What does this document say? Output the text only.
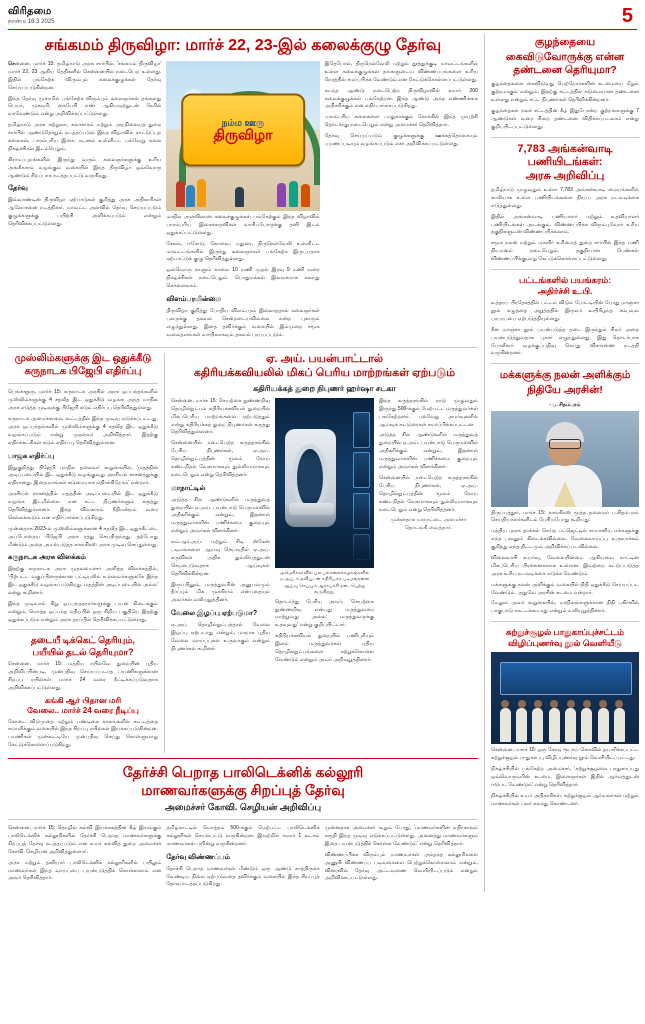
விரிதமை
நான்டு 16.3 2025	5
சங்கமம் திருவிழா: மார்ச் 22, 23-இல் கலைக்குழு தேர்வு

சென்னை, மார்ச் 15: தமிழ்நாடு அரசு சார்பில், 'சங்கமம் திருவிழா' மார்ச் 22, 23 ஆகிய தேதிகளில் சென்னையில் நடைபெற உள்ளது. இதில் பங்கேற்க விரும்பும் கலைக்குழுக்கள் தேர்வு செய்யப்படுகின்றன.

இந்த தேர்வு முகாமில் பங்கேற்க விரும்பும் கலைஞர்கள் தங்களது பெயர், முகவரி, கைபேசி எண் ஆகியவற்றுடன் நேரில் வரவேண்டும் என்று அறிவிக்கப்பட்டுள்ளது.

தமிழ்நாடு அரசு சுற்றுலா, கலாசாரம் மற்றும் அறநிலையத் துறை சார்பில் ஆண்டுதோறும் நடத்தப்படும் இந்த விழாவில் நாட்டுப்புற கலைகள், பாரம்பரிய இசை, நடனம் உள்ளிட்ட பல்வேறு கலை நிகழ்ச்சிகள் இடம்பெறும்.

கிராமப்புறங்களில் இருந்து வரும் கலைஞர்களுக்கு உரிய அங்கீகாரம் வழங்கும் வகையில் இந்த திருவிழா ஒவ்வொரு ஆண்டும் சிறப்பாக நடத்தப்பட்டு வருகிறது.

தேர்வு

இவ்வாண்டின் திருவிழா ஏற்பாடுகள் குறித்து அரசு அதிகாரிகள் ஆலோசனை நடத்தினர். மாவட்ட அளவில் தேர்வு செய்யப்படும் குழுக்களுக்கு பயிற்சி அளிக்கப்படும் என்றும் தெரிவிக்கப்பட்டுள்ளது.

நம்ம ஊரு
திருவிழா

மாநில அளவிலான கலைக்குழுக்கள் பங்கேற்கும் இந்த விழாவில் பாரம்பரிய இசைக்கருவிகள் வாசிப்போருக்கு தனி இடம் ஒதுக்கப்பட்டுள்ளது.

சேலம், ஈரோடு, கோவை, மதுரை, திருநெல்வேலி உள்ளிட்ட மாவட்டங்களில் இருந்து கலைஞர்கள் பங்கேற்க இருப்பதாக ஏற்பாட்டுக் குழு தெரிவித்துள்ளது.

ஒவ்வொரு நாளும் காலை 10 மணி முதல் இரவு 9 மணி வரை நிகழ்ச்சிகள் நடைபெறும். பொதுமக்கள் இலவசமாக கலந்து கொள்ளலாம்.

விளம்பரமின்மை

திருவிழா குறித்து போதிய விளம்பரம் இல்லாததால் கலைஞர்கள் பலருக்கு தகவல் சென்றடையவில்லை என்ற புகாரும் எழுந்துள்ளது. இதை தவிர்க்கும் வகையில் இம்முறை சமூக வலைதளங்கள் வாயிலாகவும் தகவல் பரப்பப்படும்.

இதேபோல், திருநெல்வேலி மற்றும் தூத்துக்குடி மாவட்டங்களில் உள்ள கலைக்குழுக்கள் தங்களுடைய விண்ணப்பங்களை உரிய நேரத்தில் சமர்ப்பிக்க வேண்டும் என கேட்டுக்கொள்ளப்பட்டுள்ளது.

கடந்த ஆண்டு நடைபெற்ற திருவிழாவில் சுமார் 200 கலைக்குழுக்கள் பங்கேற்றன. இந்த ஆண்டு அந்த எண்ணிக்கை அதிகரிக்கும் என எதிர்பார்க்கப்படுகிறது.

பாரம்பரிய கலைகளை பாதுகாக்கும் நோக்கில் இந்த முயற்சி தொடர்ந்து நடைபெறும் என்று அமைச்சர் தெரிவித்தார்.

தேர்வு செய்யப்படும் குழுக்களுக்கு ஊக்கத்தொகையும் பயணப்படியும் வழங்கப்படும் என அறிவிக்கப்பட்டுள்ளது.

முஸ்லிம்களுக்கு இட ஒதுக்கீடு கருநாடக பிஜேபி எதிர்ப்பு

பெங்களூரு, மார்ச் 15: கருநாடக அரசில் அரசு ஒப்பந்தங்களில் முஸ்லிம்களுக்கு 4 சதவீத இட ஒதுக்கீடு வழங்க அந்த மாநில அரசு எடுத்த முடிவுக்கு பிஜேபி கடும் எதிர்ப்பு தெரிவித்துள்ளது.

கருநாடக அமைச்சரவை கூட்டத்தில் இந்த முடிவு எடுக்கப்பட்டது. அரசு ஒப்பந்தங்களில் முஸ்லிம்களுக்கு 4 சதவீத இட ஒதுக்கீடு வழங்கப்படும் என்று முதல்வர் அறிவித்தார். இதற்கு எதிர்க்கட்சிகள் கடும் எதிர்ப்பு தெரிவித்துள்ளன.

பாஜக எதிர்ப்பு

இதுகுறித்து பிஜேபி மாநில தலைவர் கூறுகையில், 'மதத்தின் அடிப்படையில் இட ஒதுக்கீடு வழங்குவது அரசியல் சாசனத்துக்கு எதிரானது. இதை நாங்கள் கடுமையாக எதிர்க்கிறோம்' என்றார்.

அரசியல் சாசனத்தில் மதத்தின் அடிப்படையில் இட ஒதுக்கீடு வழங்க இடமில்லை என சட்ட நிபுணர்களும் கருத்து தெரிவித்துள்ளனர். இந்த விவகாரம் நீதிமன்றம் வரை செல்லக்கூடும் என எதிர்பார்க்கப்படுகிறது.

முன்னதாக 2023-ல் முஸ்லிம்களுக்கான 4 சதவீத இட ஒதுக்கீட்டை அப்போதைய பிஜேபி அரசு ரத்து செய்திருந்தது. தற்போது மீண்டும் அதை அமல்படுத்த காங்கிரஸ் அரசு முடிவு செய்துள்ளது.

கருநாடக அரசு விளக்கம்

இதற்கு கருநாடக அரசு முதலமைச்சர் அளித்த விளக்கத்தில், 'பிற்பட்ட வகுப்பினருக்கான பட்டியலில் உள்ளவர்களுக்கே இந்த இட ஒதுக்கீடு வழங்கப்படுகிறது. மதத்தின் அடிப்படையில் அல்ல' என்று கூறினார்.

இந்த முடிவால் சிறு ஒப்பந்ததாரர்களுக்கு பயன் கிடைக்கும் என்றும், மொத்த ஒப்பந்த மதிப்பில் ஒரு சிறிய பகுதியே இதற்கு ஒதுக்கப்படும் என்றும் அரசு தரப்பில் தெரிவிக்கப்பட்டுள்ளது.

தடையீ டிக்கெட் தெரியும்,
பயீயில் தடல் தெரியுமா?

சென்னை, மார்ச் 15: மத்திய ரயில்வே துறையின் புதிய அறிவிப்பின்படி, முன்பதிவு செய்யப்படாத பயணிகளுக்கான சிறப்பு ரயில்கள் மார்ச் 24 வரை நீட்டிக்கப்படுவதாக அறிவிக்கப்பட்டுள்ளது.

கங்கி ஆர் பிதான மரி
வேலை.. மார்ச் 24 வரை நீடிப்பு

கோடை விடுமுறை மற்றும் பண்டிகை காலங்களில் கூட்டத்தை சமாளிக்கும் வகையில் இந்த சிறப்பு ரயில்கள் இயக்கப்படுகின்றன. பயணிகள் முன்கூட்டியே முன்பதிவு செய்து கொள்ளுமாறு கேட்டுக்கொள்ளப்படுகிறது.

ஏ. அய். பயன்பாட்டால்
கதிரியக்கவியலில் மிகப் பெரிய மாற்றங்கள் ஏற்படும்
கதிரியக்கத் துறை நிபுணர் ஹர்ஷா சடகா

சென்னை, மார்ச் 15: செயற்கை நுண்ணறிவு தொழில்நுட்பம் கதிரியக்கவியல் துறையில் மிகப்பெரிய மாற்றங்களை ஏற்படுத்தும் என்று கதிரியக்கத் துறை நிபுணர்கள் கருத்து தெரிவித்துள்ளனர்.

சென்னையில் நடைபெற்ற கருத்தரங்கில் பேசிய நிபுணர்கள், ஏ.அய். தொழில்நுட்பத்தின் மூலம் நோய் கண்டறிதல் வேகமாகவும் துல்லியமாகவும் நடைபெறும் என்று தெரிவித்தனர்.

மாநாட்டில்

அடுத்த சில ஆண்டுகளில் மருத்துவத் துறையில் ஏ.அய். பயன்பாடு பெருமளவில் அதிகரிக்கும் என்றும், இதனால் மருத்துவர்களின் பணிச்சுமை குறையும் என்றும் அவர்கள் விளக்கினர்.

எம்.ஆர்.அய். மற்றும் சிடி ஸ்கேன் படிமங்களை ஆய்வு செய்வதில் ஏ.அய். கருவிகள் அதிக துல்லியத்துடன் செயல்படுவதாக ஆய்வுகள் தெரிவிக்கின்றன.

இருப்பினும், மருத்துவரின் அனுபவமும் தீர்ப்பும் மிக முக்கியம் என்பதையும் அவர்கள் வலியுறுத்தினர்.

வேலை இழப்பு ஏற்படுமா?

ஏ.அய். தொழில்நுட்பத்தால் வேலை இழப்பு ஏற்படாது என்றும், மாறாக புதிய வேலை வாய்ப்புகள் உருவாகும் என்றும் நிபுணர்கள் கூறினர்.

அமெரிக்காவில் பல பல்கலைக்கழகங்களில் ஏ.அய். உதவியுடன் கதிரியக்க படிமங்களை ஆய்வு செய்யும் ஆராய்ச்சி நடைபெற்று வருகிறது.

தொடர்ந்து பேசிய அவர், 'செயற்கை நுண்ணறிவு என்பது மருத்துவரை மாற்றுவது அல்ல; மருத்துவருக்கு உதவுவது' என்று குறிப்பிட்டார்.

கதிரியக்கவியல் துறையில் பணிபுரியும் இளம் மருத்துவர்கள் புதிய தொழில்நுட்பங்களை கற்றுக்கொள்ள வேண்டும் என்றும் அவர் அறிவுறுத்தினார்.

இந்த கருத்தரங்கில் நாடு முழுவதும் இருந்து 500-க்கும் மேற்பட்ட மருத்துவர்கள் பங்கேற்றனர். பல்வேறு அமர்வுகளில் ஆய்வுக் கட்டுரைகள் சமர்ப்பிக்கப்பட்டன.

அடுத்த சில ஆண்டுகளில் மருத்துவத் துறையில் ஏ.அய். பயன்பாடு பெருமளவில் அதிகரிக்கும் என்றும், இதனால் மருத்துவர்களின் பணிச்சுமை குறையும் என்றும் அவர்கள் விளக்கினர்.

சென்னையில் நடைபெற்ற கருத்தரங்கில் பேசிய நிபுணர்கள், ஏ.அய். தொழில்நுட்பத்தின் மூலம் நோய் கண்டறிதல் வேகமாகவும் துல்லியமாகவும் நடைபெறும் என்று தெரிவித்தனர்.

முன்னதாக மாநாட்டை அமைச்சர் தொடங்கி வைத்தார்.
தேர்ச்சி பெறாத பாலிடெக்னிக் கல்லூரி
மாணவர்களுக்கு சிறப்புத் தேர்வு
அமைச்சர் கோவி. செழியன் அறிவிப்பு

சென்னை, மார்ச் 15: தொழில் கல்வி இயக்ககத்தின் கீழ் இயங்கும் பாலிடெக்னிக் கல்லூரிகளில் தேர்ச்சி பெறாத மாணவர்களுக்கு சிறப்புத் தேர்வு நடத்தப்படும் என உயர் கல்வித் துறை அமைச்சர் கோவி. செழியன் அறிவித்துள்ளார்.

அரசு மற்றும் தனியார் பாலிடெக்னிக் கல்லூரிகளில் பயிலும் மாணவர்கள் இந்த வாய்ப்பை பயன்படுத்திக் கொள்ளலாம் என அவர் தெரிவித்தார்.

தமிழ்நாட்டில் மொத்தம் 500-க்கும் மேற்பட்ட பாலிடெக்னிக் கல்லூரிகள் செயல்பட்டு வருகின்றன. இவற்றில் சுமார் 1 லட்சம் மாணவர்கள் பயின்று வருகின்றனர்.

தேர்வு விண்ணப்பம்

தேர்ச்சி பெறாத மாணவர்கள் மீண்டும் ஒரு ஆண்டு காத்திருக்க வேண்டிய நிலை ஏற்படுவதை தவிர்க்கும் வகையில் இந்த சிறப்புத் தேர்வு நடத்தப்படுகிறது.

முன்னதாக அமைச்சர் கூறும் போது, 'மாணவர்களின் எதிர்காலம் கருதி இந்த முடிவு எடுக்கப்பட்டுள்ளது. அனைத்து மாணவர்களும் இதை பயன்படுத்திக் கொள்ள வேண்டும்' என்று தெரிவித்தார்.

விண்ணப்பிக்க விரும்பும் மாணவர்கள் அந்தந்த கல்லூரிகளை அணுகி விண்ணப்ப படிவங்களை பெற்றுக்கொள்ளலாம் என்றும், விரைவில் தேர்வு அட்டவணை வெளியிடப்படும் என்றும் அறிவிக்கப்பட்டுள்ளது.

குழந்தையை
கைவிடுவோருக்கு என்ன தண்டனை தெரியுமா?

குழந்தைகளை கைவிடுவது பெற்றோர்களின் கடமையை மீறும் குற்றமாகும் என்றும், இதற்கு சட்டத்தில் கடுமையான தண்டனை உள்ளது என்றும் சட்ட நிபுணர்கள் தெரிவிக்கின்றனர்.

குழந்தைகள் நலச் சட்டத்தின் கீழ் இதுபோன்ற குற்றங்களுக்கு 7 ஆண்டுகள் வரை சிறை தண்டனை விதிக்கப்படலாம் என்று குறிப்பிடப்பட்டுள்ளது.

7,783 அங்கன்வாடி
பணியிடங்கள்:
அரசு அறிவிப்பு

தமிழ்நாடு முழுவதும் உள்ள 7,783 அங்கன்வாடி மையங்களில் காலியாக உள்ள பணியிடங்களை நிரப்ப அரசு நடவடிக்கை எடுத்துள்ளது.

இதில் அங்கன்வாடி பணியாளர் மற்றும் உதவியாளர் பணியிடங்கள் அடங்கும். விண்ணப்பிக்க விரும்புவோர் உரிய தகுதிகளுடன் விண்ணப்பிக்கலாம்.

சமூக நலன் மற்றும் மகளிர் உரிமைத் துறை சார்பில் இந்த பணி நியமனம் நடைபெறும். தகுதியான பெண்கள் விண்ணப்பிக்குமாறு கேட்டுக்கொள்ளப்பட்டுள்ளது.

பட்டங்களில் பயங்கரம்:
அதிர்ச்சி உ.பி.

உத்தரப் பிரதேசத்தில் பட்டம் விடும் போட்டியின் போது மாஞ்சா நூல் கழுத்தை அறுத்ததில் இருவர் உயிரிழந்த சம்பவம் பரபரப்பை ஏற்படுத்தியுள்ளது.

சீன மாஞ்சா நூல் பயன்படுத்த தடை இருந்தும் சிலர் அதை பயன்படுத்துவதாக புகார் எழுந்துள்ளது. இது தொடர்பாக போலீசார் வழக்குப்பதிவு செய்து விசாரணை நடத்தி வருகின்றனர்.

மக்களுக்கு நலன் அளிக்கும்
நிதியே அரசின்!
- ப. சிதம்பரம்

திருப்பத்தூர், மார்ச் 15: காங்கிரஸ் மூத்த தலைவர் ப.சிதம்பரம் செய்தியாளர்களிடம் பேசியபோது கூறியது:

மத்திய அரசு தாக்கல் செய்த பட்ஜெட்டில் சாமானிய மக்களுக்கு எந்த பலனும் கிடைக்கவில்லை. வேலைவாய்ப்பு உருவாக்கம் குறித்து எந்த திட்டமும் அறிவிக்கப்படவில்லை.

விலைவாசி உயர்வு, வேலையின்மை ஆகியவை நாட்டின் மிகப்பெரிய பிரச்னைகளாக உள்ளன. இவற்றை கட்டுப்படுத்த அரசு உரிய நடவடிக்கை எடுக்க வேண்டும்.

மக்களுக்கு நலன் அளிக்கும் வகையில் நிதி ஒதுக்கீடு செய்யப்பட வேண்டும். அதுவே அரசின் கடமை என்றார்.

மேலும் அவர் கூறுகையில், மாநிலங்களுக்கான நிதி பகிர்வில் பாகுபாடு காட்டக்கூடாது என்றும் வலியுறுத்தினார்.

சுற்றுச்சூழல் பாதுகாப்புச்சட்டம்
விழிப்புணர்வு நூல் வெளியீடு

சென்னை, மார்ச் 15: ஒரு கோடி ரூபாய் செலவில் தயாரிக்கப்பட்ட சுற்றுச்சூழல் பாதுகாப்பு விழிப்புணர்வு நூல் வெளியிடப்பட்டது.

நிகழ்ச்சியில் பங்கேற்ற அமைச்சர், 'சுற்றுச்சூழலை பாதுகாப்பது ஒவ்வொருவரின் கடமை. இளைஞர்கள் இதில் ஆர்வத்துடன் ஈடுபட வேண்டும்' என்று தெரிவித்தார்.

நிகழ்ச்சியில் உயர் அதிகாரிகள், சுற்றுச்சூழல் ஆர்வலர்கள் மற்றும் மாணவர்கள் பலர் கலந்து கொண்டனர்.
